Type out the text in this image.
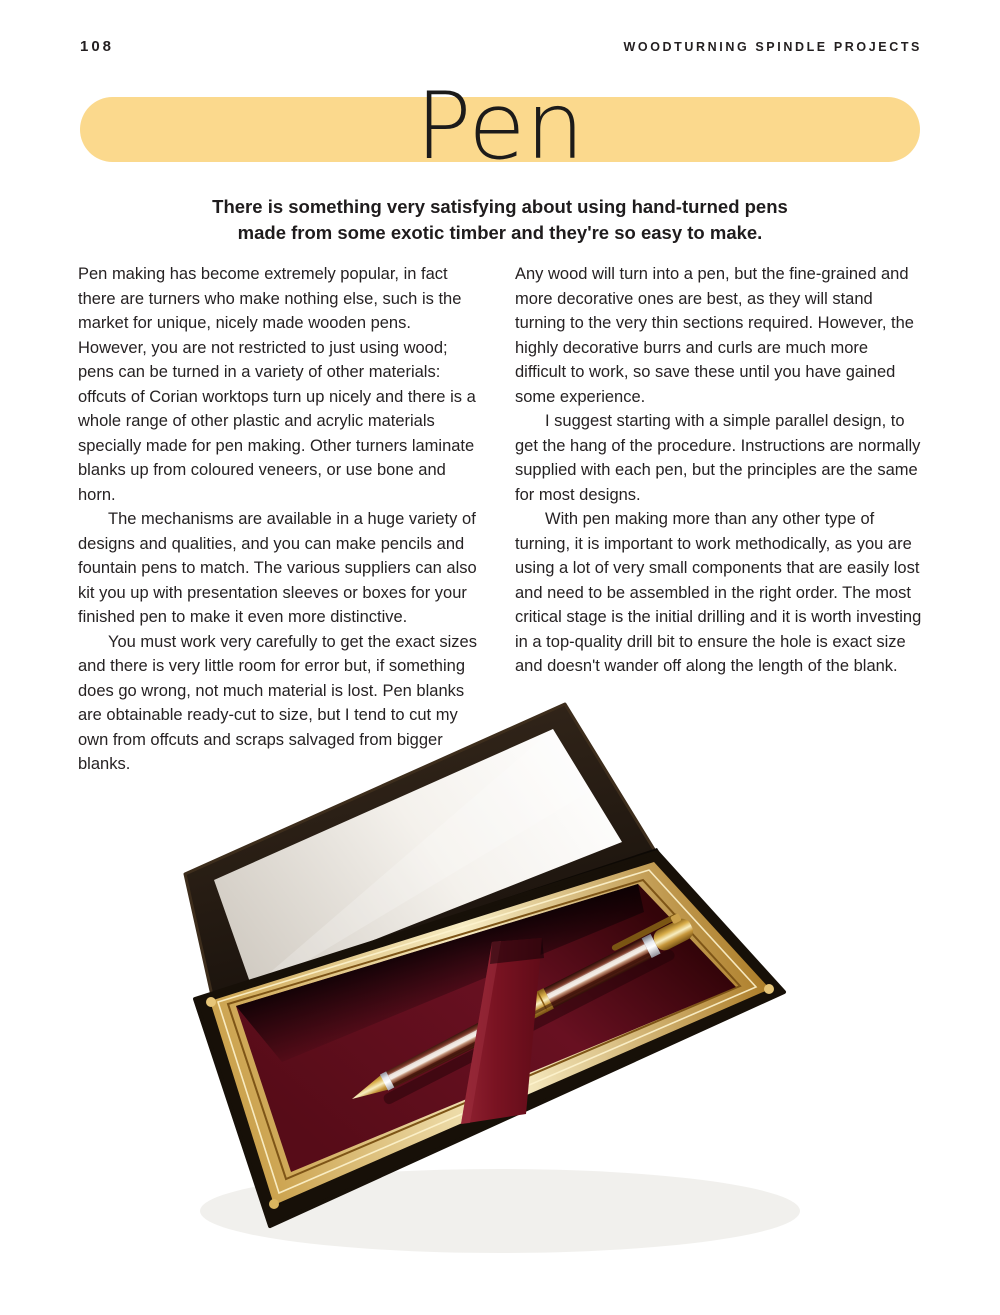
108	WOODTURNING SPINDLE PROJECTS
Pen
There is something very satisfying about using hand-turned pens
made from some exotic timber and they're so easy to make.

Pen making has become extremely popular, in fact there are turners who make nothing else, such is the market for unique, nicely made wooden pens. However, you are not restricted to just using wood; pens can be turned in a variety of other materials: offcuts of Corian worktops turn up nicely and there is a whole range of other plastic and acrylic materials specially made for pen making. Other turners laminate blanks up from coloured veneers, or use bone and horn.

The mechanisms are available in a huge variety of designs and qualities, and you can make pencils and fountain pens to match. The various suppliers can also kit you up with presentation sleeves or boxes for your finished pen to make it even more distinctive.

You must work very carefully to get the exact sizes and there is very little room for error but, if something does go wrong, not much material is lost. Pen blanks are obtainable ready-cut to size, but I tend to cut my own from offcuts and scraps salvaged from bigger blanks.

Any wood will turn into a pen, but the fine-grained and more decorative ones are best, as they will stand turning to the very thin sections required. However, the highly decorative burrs and curls are much more difficult to work, so save these until you have gained some experience.

I suggest starting with a simple parallel design, to get the hang of the procedure. Instructions are normally supplied with each pen, but the principles are the same for most designs.

With pen making more than any other type of turning, it is important to work methodically, as you are using a lot of very small components that are easily lost and need to be assembled in the right order. The most critical stage is the initial drilling and it is worth investing in a top-quality drill bit to ensure the hole is exact size and doesn't wander off along the length of the blank.
